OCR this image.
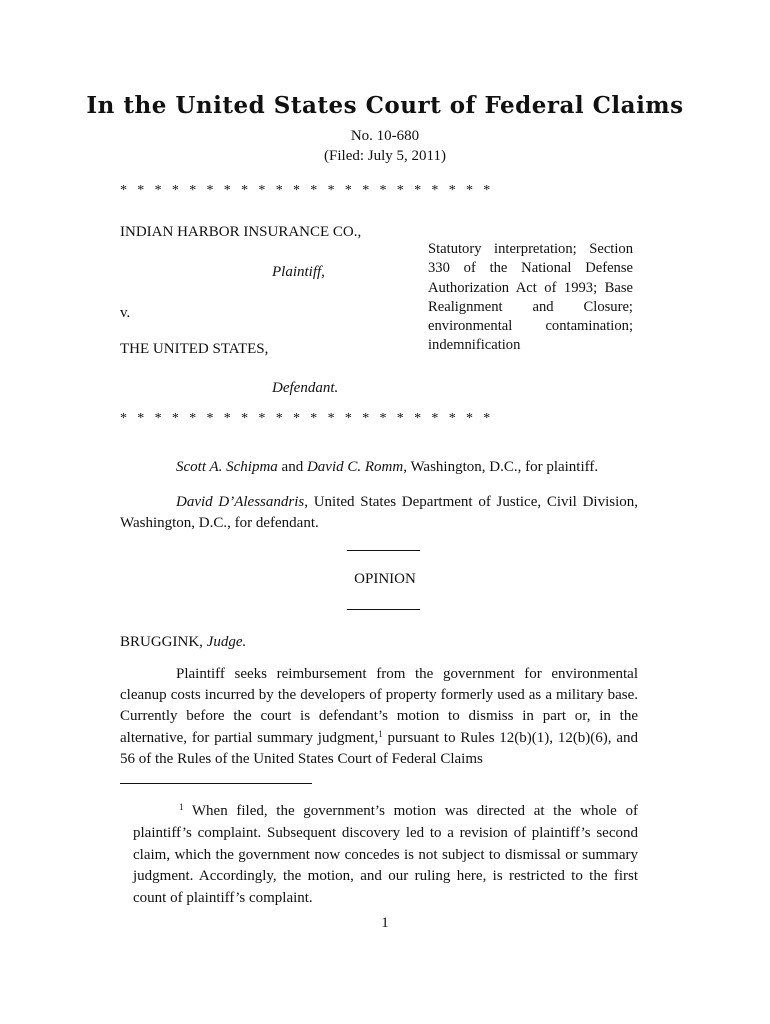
In the United States Court of Federal Claims
No. 10-680
(Filed: July 5, 2011)
* * * * * * * * * * * * * * * * * * * * * *
INDIAN HARBOR INSURANCE CO.,
Plaintiff,
v.
THE UNITED STATES,
Defendant.
Statutory interpretation; Section 330 of the National Defense Authorization Act of 1993; Base Realignment and Closure; environmental contamination; indemnification
* * * * * * * * * * * * * * * * * * * * * *
Scott A. Schipma and David C. Romm, Washington, D.C., for plaintiff.
David D’Alessandris, United States Department of Justice, Civil Division, Washington, D.C., for defendant.
OPINION
BRUGGINK, Judge.
Plaintiff seeks reimbursement from the government for environmental cleanup costs incurred by the developers of property formerly used as a military base. Currently before the court is defendant’s motion to dismiss in part or, in the alternative, for partial summary judgment,$^1$ pursuant to Rules 12(b)(1), 12(b)(6), and 56 of the Rules of the United States Court of Federal Claims
$^1$ When filed, the government’s motion was directed at the whole of plaintiff’s complaint. Subsequent discovery led to a revision of plaintiff’s second claim, which the government now concedes is not subject to dismissal or summary judgment. Accordingly, the motion, and our ruling here, is restricted to the first count of plaintiff’s complaint.
1
